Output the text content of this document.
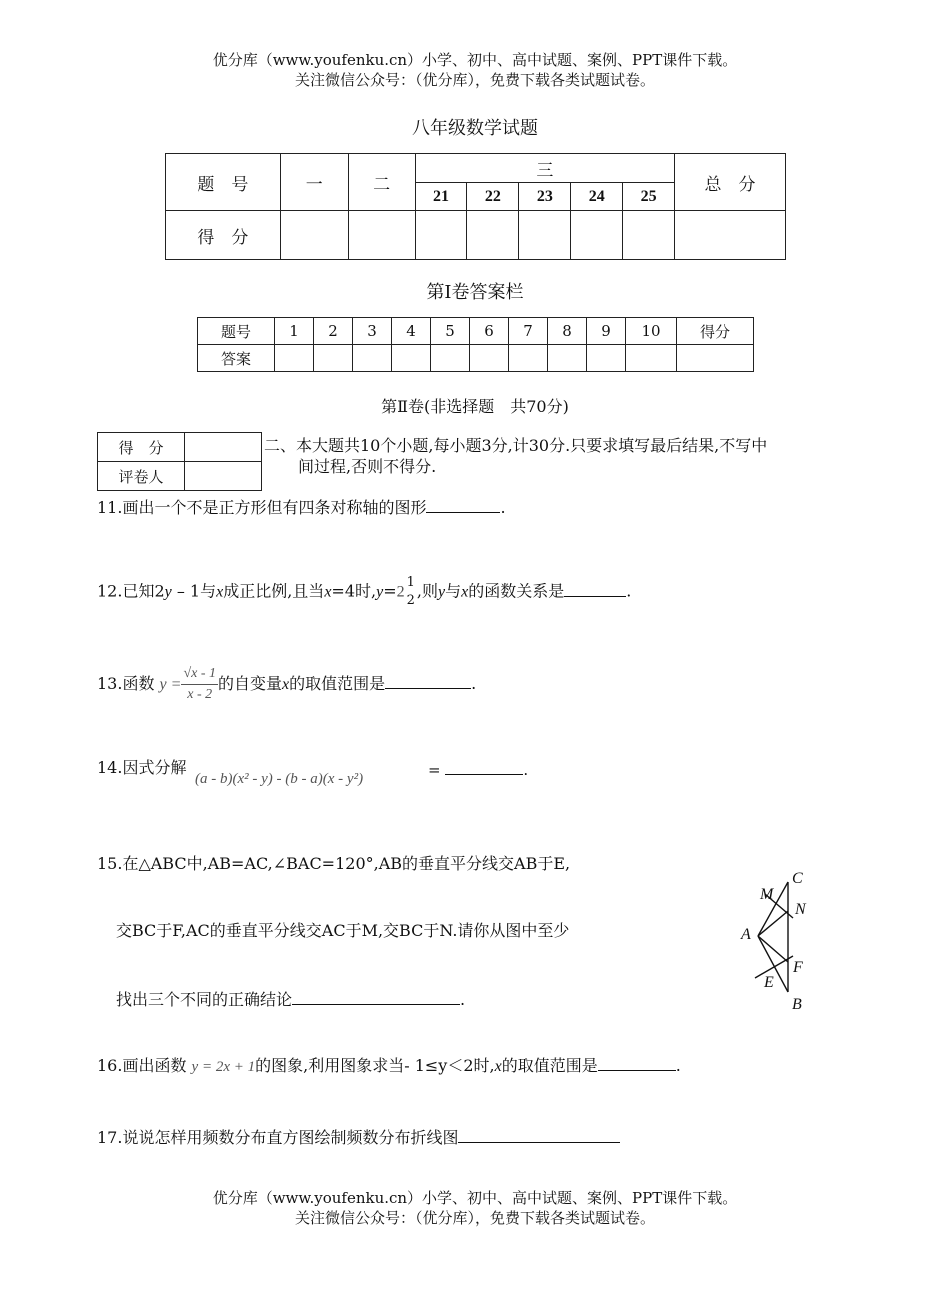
优分库（www.youfenku.cn）小学、初中、高中试题、案例、PPT课件下载。
关注微信公众号：（优分库），免费下载各类试题试卷。
八年级数学试题
题　号	一	二	三					总　分
			21	22	23	24	25	
得　分								
第Ⅰ卷答案栏
题号	1	2	3	4	5	6	7	8	9	10	得分
答案											
第Ⅱ卷(非选择题　共70分)
得　分	
评卷人	
二、本大题共10个小题,每小题3分,计30分.只要求填写最后结果,不写中
间过程,否则不得分.
11.画出一个不是正方形但有四条对称轴的图形	.
12.已知2y – 1与x成正比例,且当x=4时,y=2
1
2 ,则y与x的函数关系是	.
13.函数 $y = \frac{√x - 1}{x - 2}$ 的自变量x的取值范围是	.
14.因式分解
(a - b)(x² - y) - (b - a)(x - y²)	=	.
15.在△ABC中,AB=AC,∠BAC=120°,AB的垂直平分线交AB于E,
交BC于F,AC的垂直平分线交AC于M,交BC于N.请你从图中至少
找出三个不同的正确结论	.
C
M
N
A
F
E
B
16.画出函数 y = 2x + 1的图象,利用图象求当- 1≤y＜2时,x的取值范围是	.
17.说说怎样用频数分布直方图绘制频数分布折线图
优分库（www.youfenku.cn）小学、初中、高中试题、案例、PPT课件下载。
关注微信公众号：（优分库），免费下载各类试题试卷。
